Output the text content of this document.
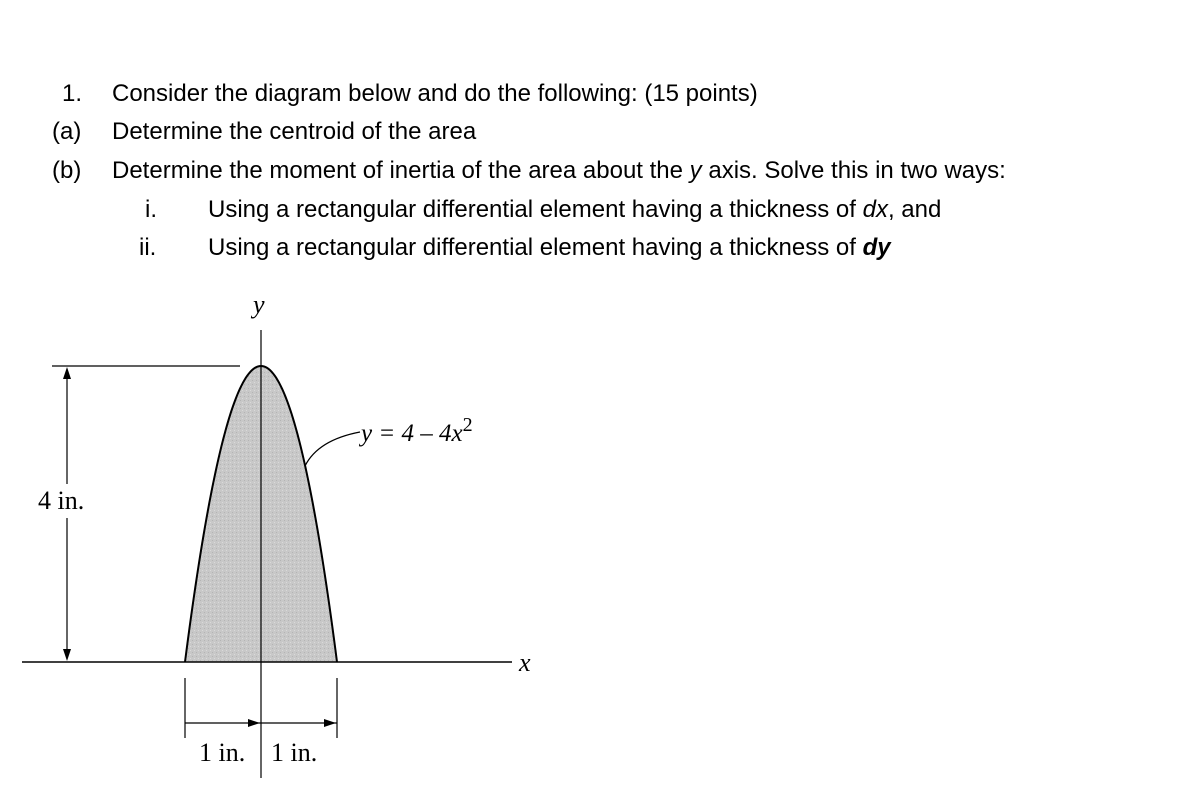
1. Consider the diagram below and do the following: (15 points)
(a) Determine the centroid of the area
(b) Determine the moment of inertia of the area about the y axis. Solve this in two ways:
i. Using a rectangular differential element having a thickness of dx, and
ii. Using a rectangular differential element having a thickness of dy
x
y
4 in.
1 in. 1 in.
$y = 4 - 4x^2$
